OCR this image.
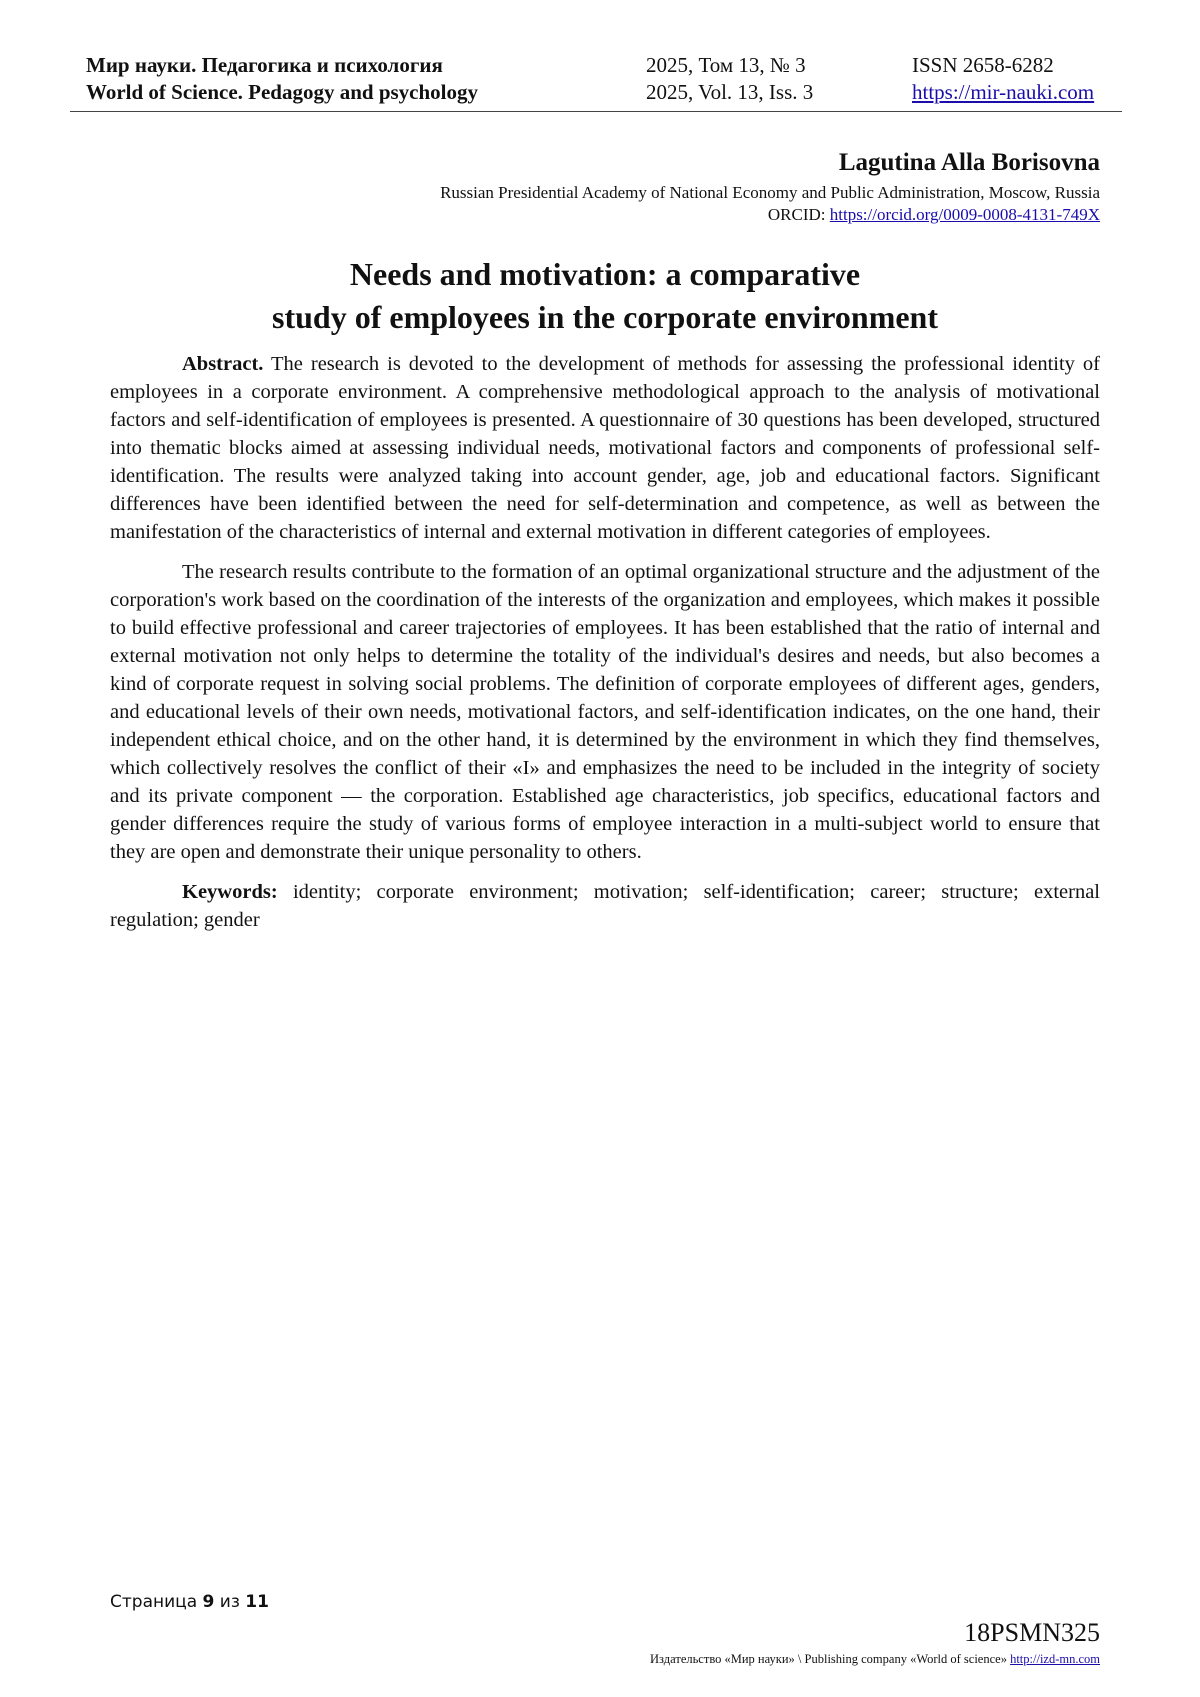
Мир науки. Педагогика и психология
World of Science. Pedagogy and psychology
2025, Том 13, № 3
2025, Vol. 13, Iss. 3
ISSN 2658-6282
https://mir-nauki.com
Lagutina Alla Borisovna
Russian Presidential Academy of National Economy and Public Administration, Moscow, Russia
ORCID: https://orcid.org/0009-0008-4131-749X
Needs and motivation: a comparative
study of employees in the corporate environment

Abstract. The research is devoted to the development of methods for assessing the professional identity of employees in a corporate environment. A comprehensive methodological approach to the analysis of motivational factors and self-identification of employees is presented. A questionnaire of 30 questions has been developed, structured into thematic blocks aimed at assessing individual needs, motivational factors and components of professional self-identification. The results were analyzed taking into account gender, age, job and educational factors. Significant differences have been identified between the need for self-determination and competence, as well as between the manifestation of the characteristics of internal and external motivation in different categories of employees.

The research results contribute to the formation of an optimal organizational structure and the adjustment of the corporation's work based on the coordination of the interests of the organization and employees, which makes it possible to build effective professional and career trajectories of employees. It has been established that the ratio of internal and external motivation not only helps to determine the totality of the individual's desires and needs, but also becomes a kind of corporate request in solving social problems. The definition of corporate employees of different ages, genders, and educational levels of their own needs, motivational factors, and self-identification indicates, on the one hand, their independent ethical choice, and on the other hand, it is determined by the environment in which they find themselves, which collectively resolves the conflict of their «I» and emphasizes the need to be included in the integrity of society and its private component — the corporation. Established age characteristics, job specifics, educational factors and gender differences require the study of various forms of employee interaction in a multi-subject world to ensure that they are open and demonstrate their unique personality to others.

Keywords: identity; corporate environment; motivation; self-identification; career; structure; external regulation; gender

Страница 9 из 11
18PSMN325
Издательство «Мир науки» \ Publishing company «World of science» http://izd-mn.com
